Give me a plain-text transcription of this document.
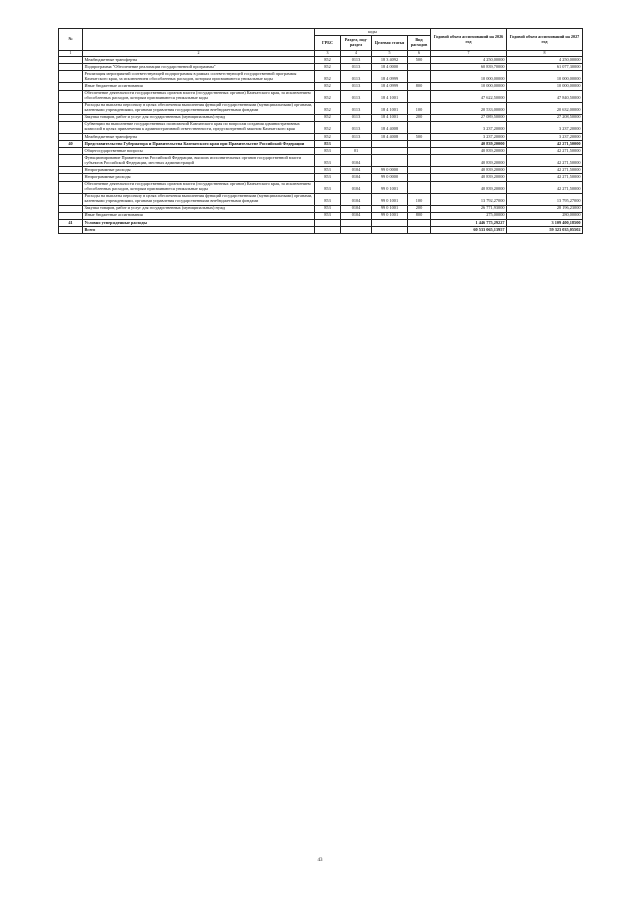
№		коды				Годовой объем ассигнований на 2026 год	Годовой объем ассигнований на 2027 год
		ГРБС	Раздел, под-раздел	Целевая статья	Вид расходов		
1	2	3	4	5	6	7	8
	Межбюджетные трансферты	852	0113	18 3 4092	500	4 250,00000	4 250,00000
	Подпрограмма "Обеспечение реализации государственной программы"	852	0113	18 4 0000		60 839,70000	61 077,30000
	Реализация мероприятий соответствующей подпрограммы в рамках соответствующей государственной программы Камчатского края, за исключением обособленных расходов, которым присваиваются уникальные коды	852	0113	18 4 0999		10 000,00000	10 000,00000
	Иные бюджетные ассигнования	852	0113	18 4 0999	800	10 000,00000	10 000,00000
	Обеспечение деятельности государственных органов власти (государственных органов) Камчатского края, за исключением обособленных расходов, которым присваиваются уникальные коды	852	0113	18 4 1001		47 622,50000	47 840,50000
	Расходы на выплаты персоналу в целях обеспечения выполнения функций государственными (муниципальными) органами, казенными учреждениями, органами управления государственными внебюджетными фондами	852	0113	18 4 1001	100	20 533,00000	20 632,00000
	Закупка товаров, работ и услуг для государственных (муниципальных) нужд	852	0113	18 4 1001	200	27 089,50000	27 208,50000
	Субвенции на выполнение государственных полномочий Камчатского края по вопросам создания административных комиссий в целях привлечения к административной ответственности, предусмотренной законом Камчатского края	852	0113	18 4 4008		3 237,20000	3 237,20000
	Межбюджетные трансферты	852	0113	18 4 4008	500	3 237,20000	3 237,20000
40	Представительство Губернатора и Правительства Камчатского края при Правительстве Российской Федерации	853				40 839,20000	42 271,50000
	Общегосударственные вопросы	853	01			40 839,20000	42 271,50000
	Функционирование Правительства Российской Федерации, высших исполнительных органов государственной власти субъектов Российской Федерации, местных администраций	853	0104			40 839,20000	42 271,50000
	Непрограммные расходы	853	0104	99 0 0000		40 839,20000	42 271,50000
	Непрограммные расходы	853	0104	99 0 0000		40 839,20000	42 271,50000
	Обеспечение деятельности государственных органов власти (государственных органов) Камчатского края, за исключением обособленных расходов, которым присваиваются уникальные коды	853	0104	99 0 1001		40 839,20000	42 271,50000
	Расходы на выплаты персоналу в целях обеспечения выполнения функций государственными (муниципальными) органами, казенными учреждениями, органами управления государственными внебюджетными фондами	853	0104	99 0 1001	100	13 792,27000	13 795,27000
	Закупка товаров, работ и услуг для государственных (муниципальных) нужд	853	0104	99 0 1001	200	26 771,93000	28 196,23000
	Иные бюджетные ассигнования	853	0104	99 0 1001	800	275,00000	280,00000
41	Условно утвержденные расходы					1 446 775,29227	3 109 400,18500
	Всего					60 533 065,13957	59 323 035,05502
43
